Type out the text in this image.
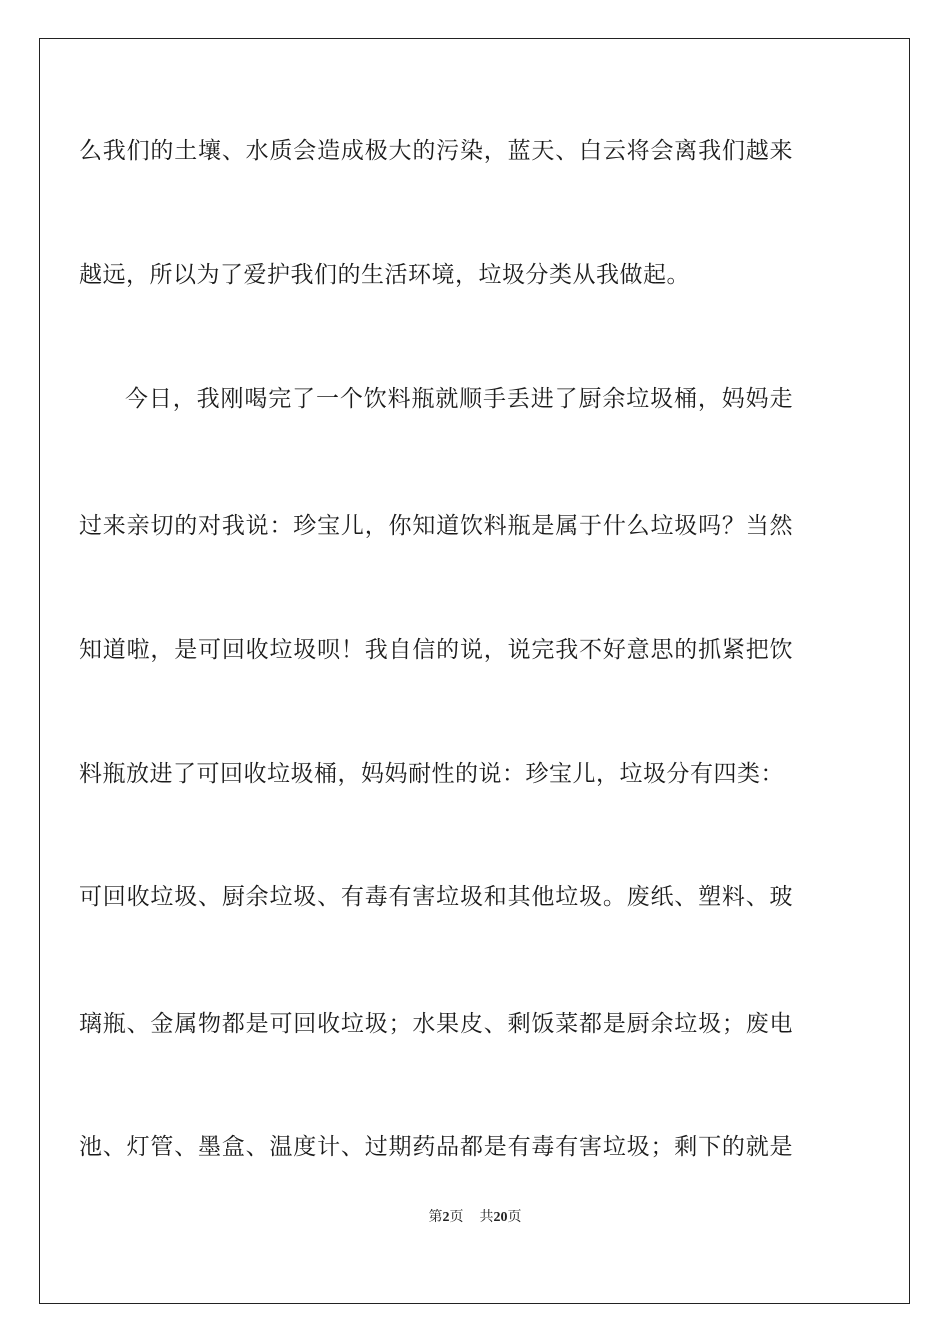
么我们的土壤、水质会造成极大的污染，蓝天、白云将会离我们越来
越远，所以为了爱护我们的生活环境，垃圾分类从我做起。
今日，我刚喝完了一个饮料瓶就顺手丢进了厨余垃圾桶，妈妈走
过来亲切的对我说：珍宝儿，你知道饮料瓶是属于什么垃圾吗？当然
知道啦，是可回收垃圾呗！我自信的说，说完我不好意思的抓紧把饮
料瓶放进了可回收垃圾桶，妈妈耐性的说：珍宝儿，垃圾分有四类：
可回收垃圾、厨余垃圾、有毒有害垃圾和其他垃圾。废纸、塑料、玻
璃瓶、金属物都是可回收垃圾；水果皮、剩饭菜都是厨余垃圾；废电
池、灯管、墨盒、温度计、过期药品都是有毒有害垃圾；剩下的就是
第2页 共20页
